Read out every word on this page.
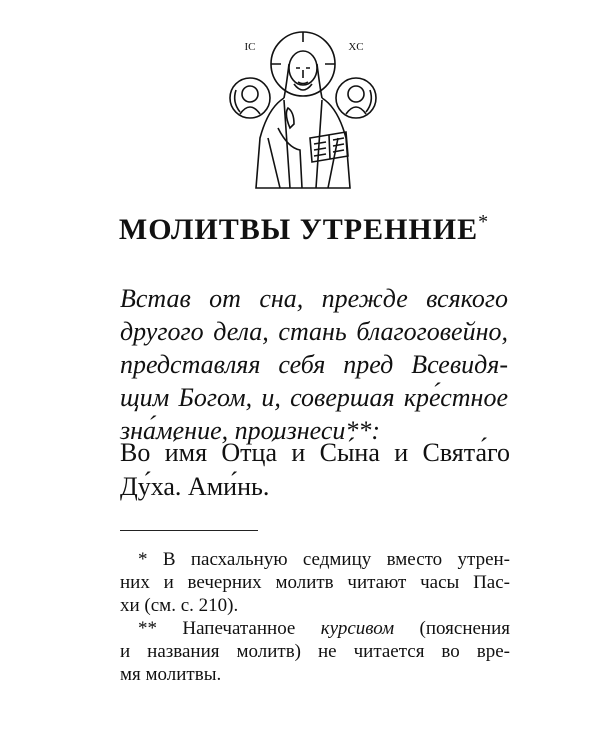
IC	XC
МОЛИТВЫ УТРЕННИЕ*
Встав от сна, прежде всякого
другого дела, стань благоговейно,
представляя себя пред Всевидя-
щим Богом, и, совершая кре́стное
зна́мение, произнеси**:
Во и́мя Отца́ и Сы́на и Свята́го
Ду́ха. Ами́нь.
* В пасхальную седмицу вместо утрен-
них и вечерних молитв читают часы Пас-
хи (см. с. 210).
** Напечатанное курсивом (пояснения
и названия молитв) не читается во вре-
мя молитвы.
